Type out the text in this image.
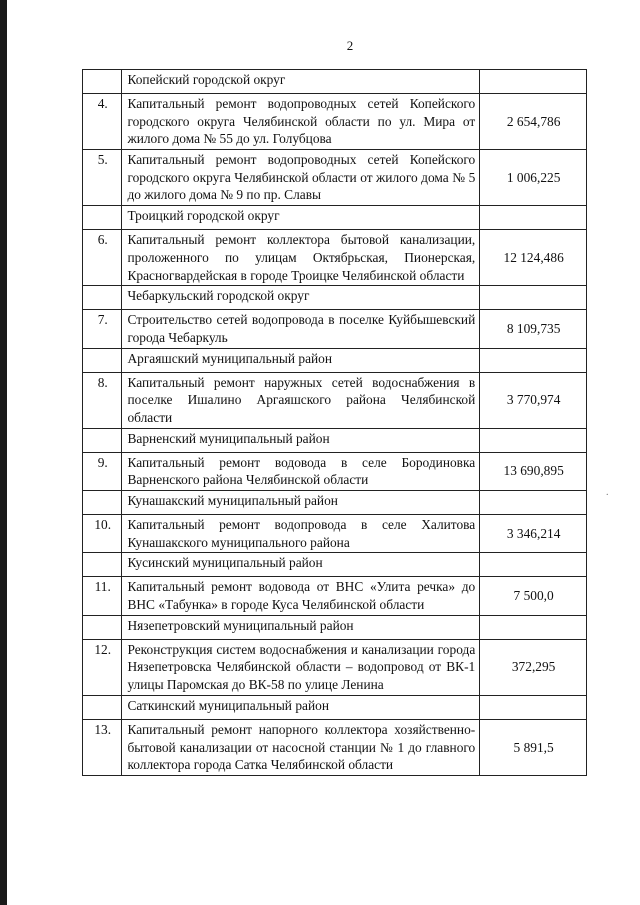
2
	Копейский городской округ	
4.	Капитальный ремонт водопроводных сетей Копейского городского округа Челябинской области по ул. Мира от жилого дома № 55 до ул. Голубцова	2 654,786
5.	Капитальный ремонт водопроводных сетей Копейского городского округа Челябинской области от жилого дома № 5 до жилого дома № 9 по пр. Славы	1 006,225
	Троицкий городской округ	
6.	Капитальный ремонт коллектора бытовой канализации, проложенного по улицам Октябрьская, Пионерская, Красногвардейская в городе Троицке Челябинской области	12 124,486
	Чебаркульский городской округ	
7.	Строительство сетей водопровода в поселке Куйбышевский города Чебаркуль	8 109,735
	Аргаяшский муниципальный район	
8.	Капитальный ремонт наружных сетей водоснабжения в поселке Ишалино Аргаяшского района Челябинской области	3 770,974
	Варненский муниципальный район	
9.	Капитальный ремонт водовода в селе Бородиновка Варненского района Челябинской области	13 690,895
	Кунашакский муниципальный район	
10.	Капитальный ремонт водопровода в селе Халитова Кунашакского муниципального района	3 346,214
	Кусинский муниципальный район	
11.	Капитальный ремонт водовода от ВНС «Улита речка» до ВНС «Табунка» в городе Куса Челябинской области	7 500,0
	Нязепетровский муниципальный район	
12.	Реконструкция систем водоснабжения и канализации города Нязепетровска Челябинской области – водопровод от ВК-1 улицы Паромская до ВК-58 по улице Ленина	372,295
	Саткинский муниципальный район	
13.	Капитальный ремонт напорного коллектора хозяйственно-бытовой канализации от насосной станции № 1 до главного коллектора города Сатка Челябинской области	5 891,5
.
